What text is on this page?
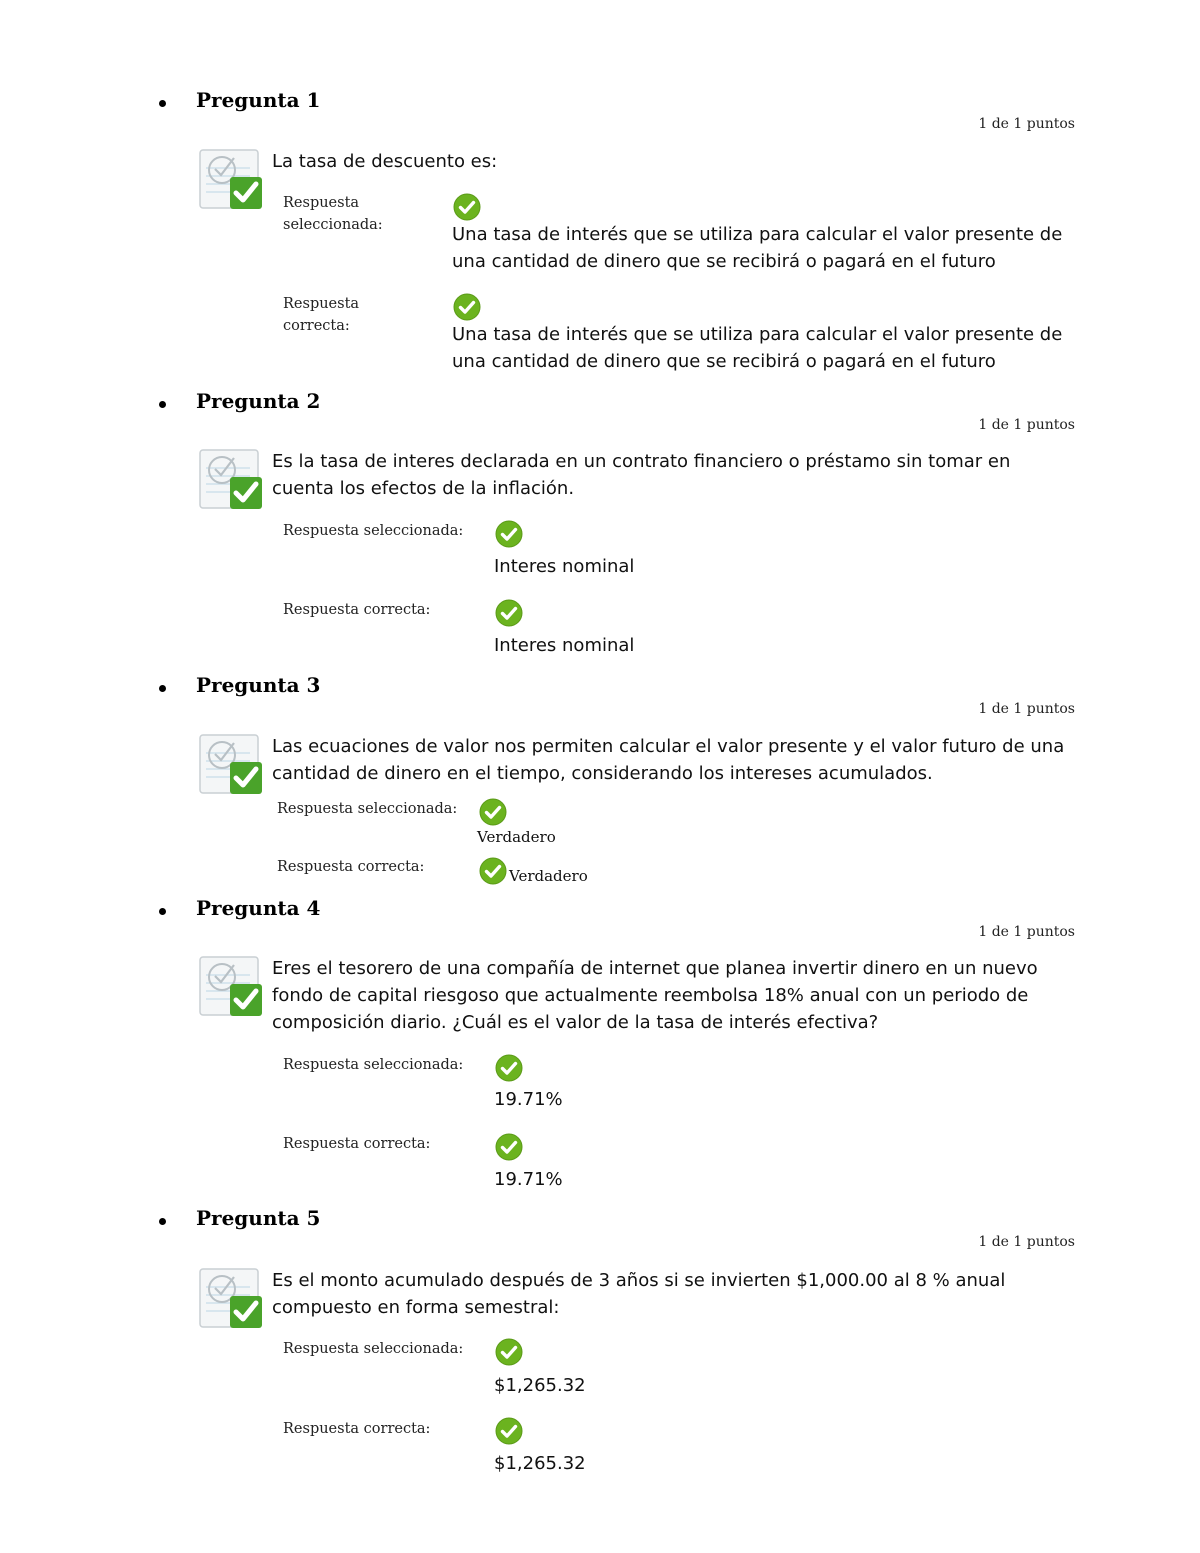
Pregunta 1
1 de 1 puntos
La tasa de descuento es:
Respuesta
seleccionada:	Una tasa de interés que se utiliza para calcular el valor presente de una cantidad de dinero que se recibirá o pagará en el futuro
Respuesta
correcta:	Una tasa de interés que se utiliza para calcular el valor presente de una cantidad de dinero que se recibirá o pagará en el futuro
Pregunta 2
1 de 1 puntos
Es la tasa de interes declarada en un contrato financiero o préstamo sin tomar en cuenta los efectos de la inflación.
Respuesta seleccionada:
Interes nominal
Respuesta correcta:
Interes nominal
Pregunta 3
1 de 1 puntos
Las ecuaciones de valor nos permiten calcular el valor presente y el valor futuro de una cantidad de dinero en el tiempo, considerando los intereses acumulados.
Respuesta seleccionada:
Verdadero
Respuesta correcta:	Verdadero
Pregunta 4
1 de 1 puntos
Eres el tesorero de una compañía de internet que planea invertir dinero en un nuevo fondo de capital riesgoso que actualmente reembolsa 18% anual con un periodo de composición diario. ¿Cuál es el valor de la tasa de interés efectiva?
Respuesta seleccionada:
19.71%
Respuesta correcta:
19.71%
Pregunta 5
1 de 1 puntos
Es el monto acumulado después de 3 años si se invierten $1,000.00 al 8 % anual compuesto en forma semestral:
Respuesta seleccionada:
$1,265.32
Respuesta correcta:
$1,265.32
